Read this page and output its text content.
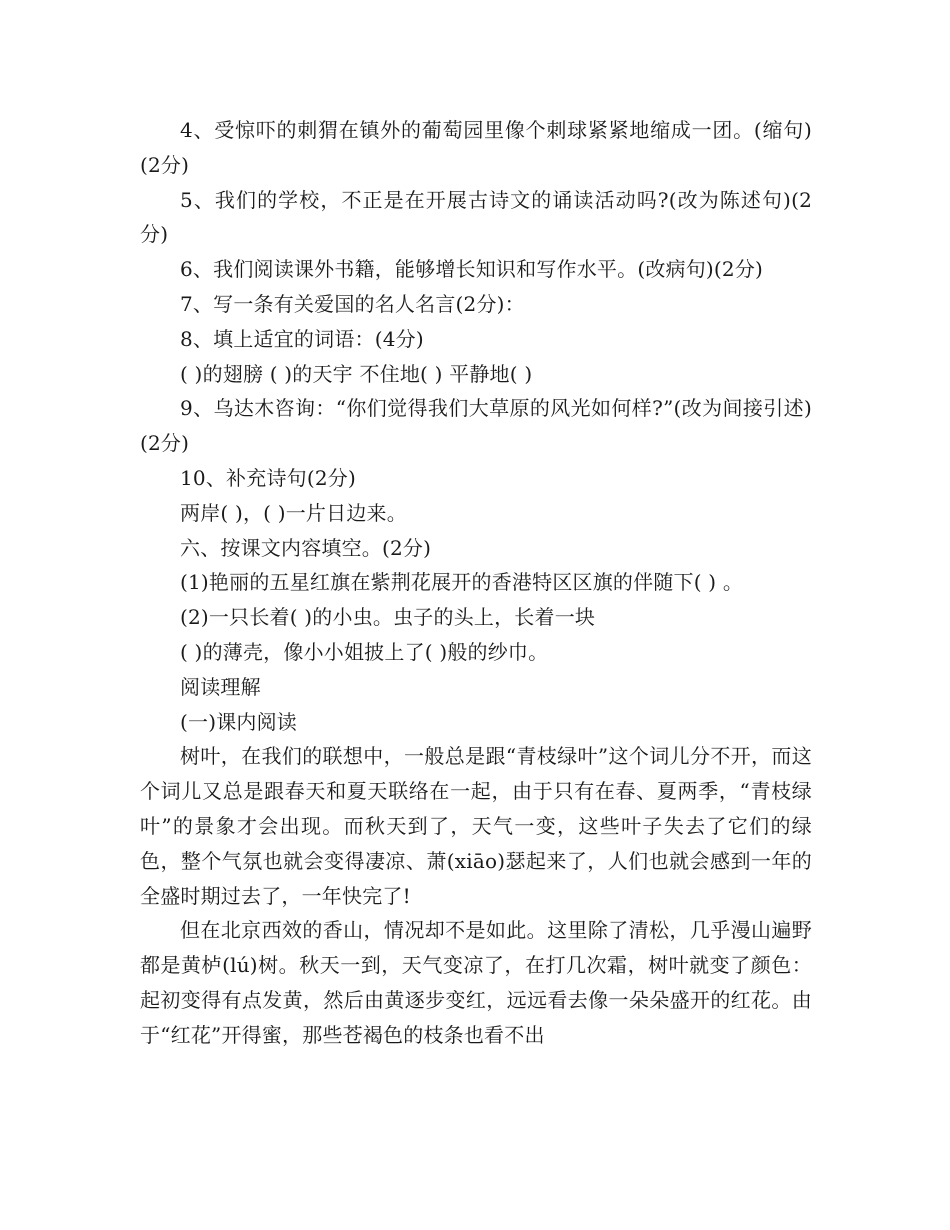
4、受惊吓的刺猬在镇外的葡萄园里像个刺球紧紧地缩成一团。(缩句)(2分)

5、我们的学校，不正是在开展古诗文的诵读活动吗?(改为陈述句)(2分)

6、我们阅读课外书籍，能够增长知识和写作水平。(改病句)(2分)

7、写一条有关爱国的名人名言(2分)：

8、填上适宜的词语：(4分)

( )的翅膀 ( )的天宇 不住地( ) 平静地( )

9、乌达木咨询：“你们觉得我们大草原的风光如何样?”(改为间接引述)(2分)

10、补充诗句(2分)

两岸( )，( )一片日边来。

六、按课文内容填空。(2分)

(1)艳丽的五星红旗在紫荆花展开的香港特区区旗的伴随下( ) 。

(2)一只长着( )的小虫。虫子的头上，长着一块

( )的薄壳，像小小姐披上了( )般的纱巾。

阅读理解

(一)课内阅读

树叶，在我们的联想中，一般总是跟“青枝绿叶”这个词儿分不开，而这个词儿又总是跟春天和夏天联络在一起，由于只有在春、夏两季，“青枝绿叶”的景象才会出现。而秋天到了，天气一变，这些叶子失去了它们的绿色，整个气氛也就会变得凄凉、萧(xiāo)瑟起来了，人们也就会感到一年的全盛时期过去了，一年快完了!

但在北京西效的香山，情况却不是如此。这里除了清松，几乎漫山遍野都是黄栌(lú)树。秋天一到，天气变凉了，在打几次霜，树叶就变了颜色：起初变得有点发黄，然后由黄逐步变红，远远看去像一朵朵盛开的红花。由于“红花”开得蜜，那些苍褐色的枝条也看不出
